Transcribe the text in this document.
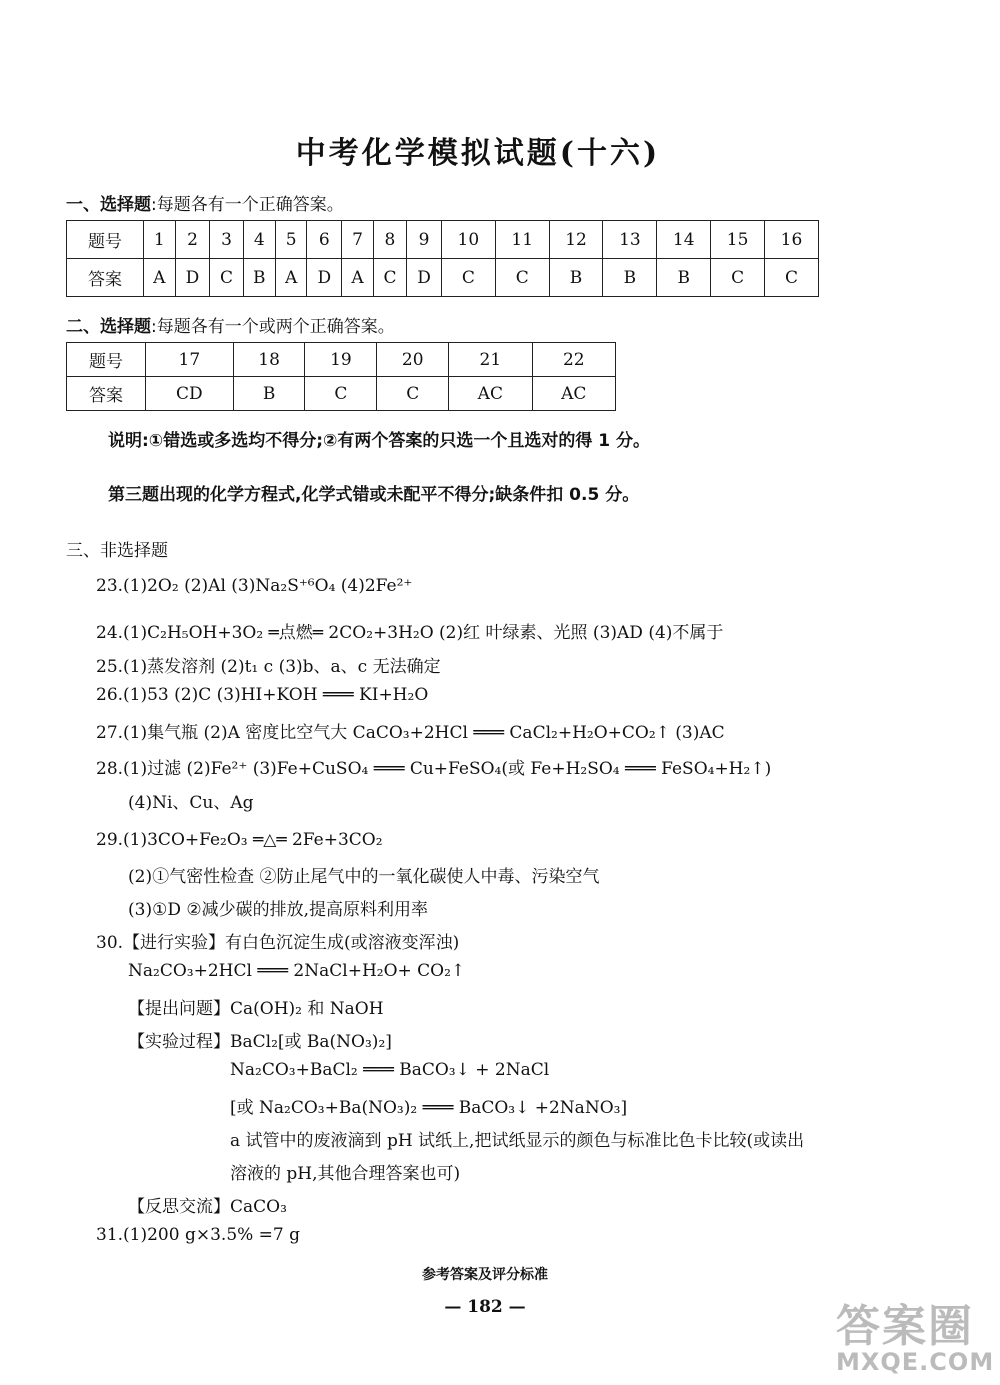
中考化学模拟试题(十六)
一、选择题:每题各有一个正确答案。
题号	1	2	3	4	5	6	7	8	9	10	11	12	13	14	15	16
答案	A	D	C	B	A	D	A	C	D	C	C	B	B	B	C	C
二、选择题:每题各有一个或两个正确答案。
题号	17	18	19	20	21	22
答案	CD	B	C	C	AC	AC
说明:①错选或多选均不得分;②有两个答案的只选一个且选对的得 1 分。
第三题出现的化学方程式,化学式错或未配平不得分;缺条件扣 0.5 分。
三、非选择题
23.(1)2O₂ (2)Al (3)Na₂S⁺⁶O₄ (4)2Fe²⁺
24.(1)C₂H₅OH+3O₂ ═点燃═ 2CO₂+3H₂O (2)红 叶绿素、光照 (3)AD (4)不属于
25.(1)蒸发溶剂 (2)t₁ c (3)b、a、c 无法确定
26.(1)53 (2)C (3)HI+KOH ═══ KI+H₂O
27.(1)集气瓶 (2)A 密度比空气大 CaCO₃+2HCl ═══ CaCl₂+H₂O+CO₂↑ (3)AC
28.(1)过滤 (2)Fe²⁺ (3)Fe+CuSO₄ ═══ Cu+FeSO₄(或 Fe+H₂SO₄ ═══ FeSO₄+H₂↑)
(4)Ni、Cu、Ag
29.(1)3CO+Fe₂O₃ ═△═ 2Fe+3CO₂
(2)①气密性检查 ②防止尾气中的一氧化碳使人中毒、污染空气
(3)①D ②减少碳的排放,提高原料利用率
30.【进行实验】有白色沉淀生成(或溶液变浑浊)
Na₂CO₃+2HCl ═══ 2NaCl+H₂O+ CO₂↑
【提出问题】Ca(OH)₂ 和 NaOH
【实验过程】BaCl₂[或 Ba(NO₃)₂]
Na₂CO₃+BaCl₂ ═══ BaCO₃↓ + 2NaCl
[或 Na₂CO₃+Ba(NO₃)₂ ═══ BaCO₃↓ +2NaNO₃]
a 试管中的废液滴到 pH 试纸上,把试纸显示的颜色与标准比色卡比较(或读出
溶液的 pH,其他合理答案也可)
【反思交流】CaCO₃
31.(1)200 g×3.5% =7 g
参考答案及评分标准
— 182 —	答案圈
MXQE.COM
